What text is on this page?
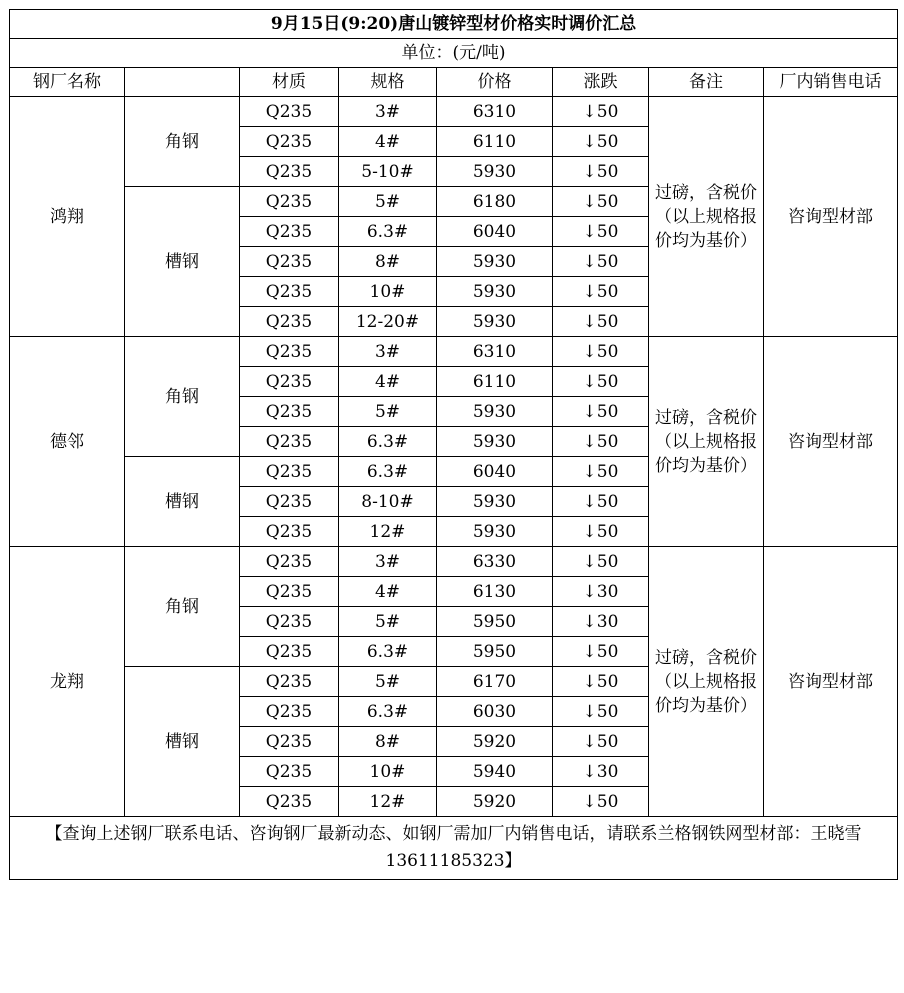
9月15日(9:20)唐山镀锌型材价格实时调价汇总							
单位：(元/吨)							
钢厂名称		材质	规格	价格	涨跌	备注	厂内销售电话
鸿翔	角钢	Q235	3#	6310	↓50	过磅，含税价（以上规格报价均为基价）	咨询型材部
		Q235	4#	6110	↓50		
		Q235	5-10#	5930	↓50		
	槽钢	Q235	5#	6180	↓50		
		Q235	6.3#	6040	↓50		
		Q235	8#	5930	↓50		
		Q235	10#	5930	↓50		
		Q235	12-20#	5930	↓50		
德邻	角钢	Q235	3#	6310	↓50	过磅，含税价（以上规格报价均为基价）	咨询型材部
		Q235	4#	6110	↓50		
		Q235	5#	5930	↓50		
		Q235	6.3#	5930	↓50		
	槽钢	Q235	6.3#	6040	↓50		
		Q235	8-10#	5930	↓50		
		Q235	12#	5930	↓50		
龙翔	角钢	Q235	3#	6330	↓50	过磅，含税价（以上规格报价均为基价）	咨询型材部
		Q235	4#	6130	↓30		
		Q235	5#	5950	↓30		
		Q235	6.3#	5950	↓50		
	槽钢	Q235	5#	6170	↓50		
		Q235	6.3#	6030	↓50		
		Q235	8#	5920	↓50		
		Q235	10#	5940	↓30		
		Q235	12#	5920	↓50		
【查询上述钢厂联系电话、咨询钢厂最新动态、如钢厂需加厂内销售电话，请联系兰格钢铁网型材部：王晓雪13611185323】							
